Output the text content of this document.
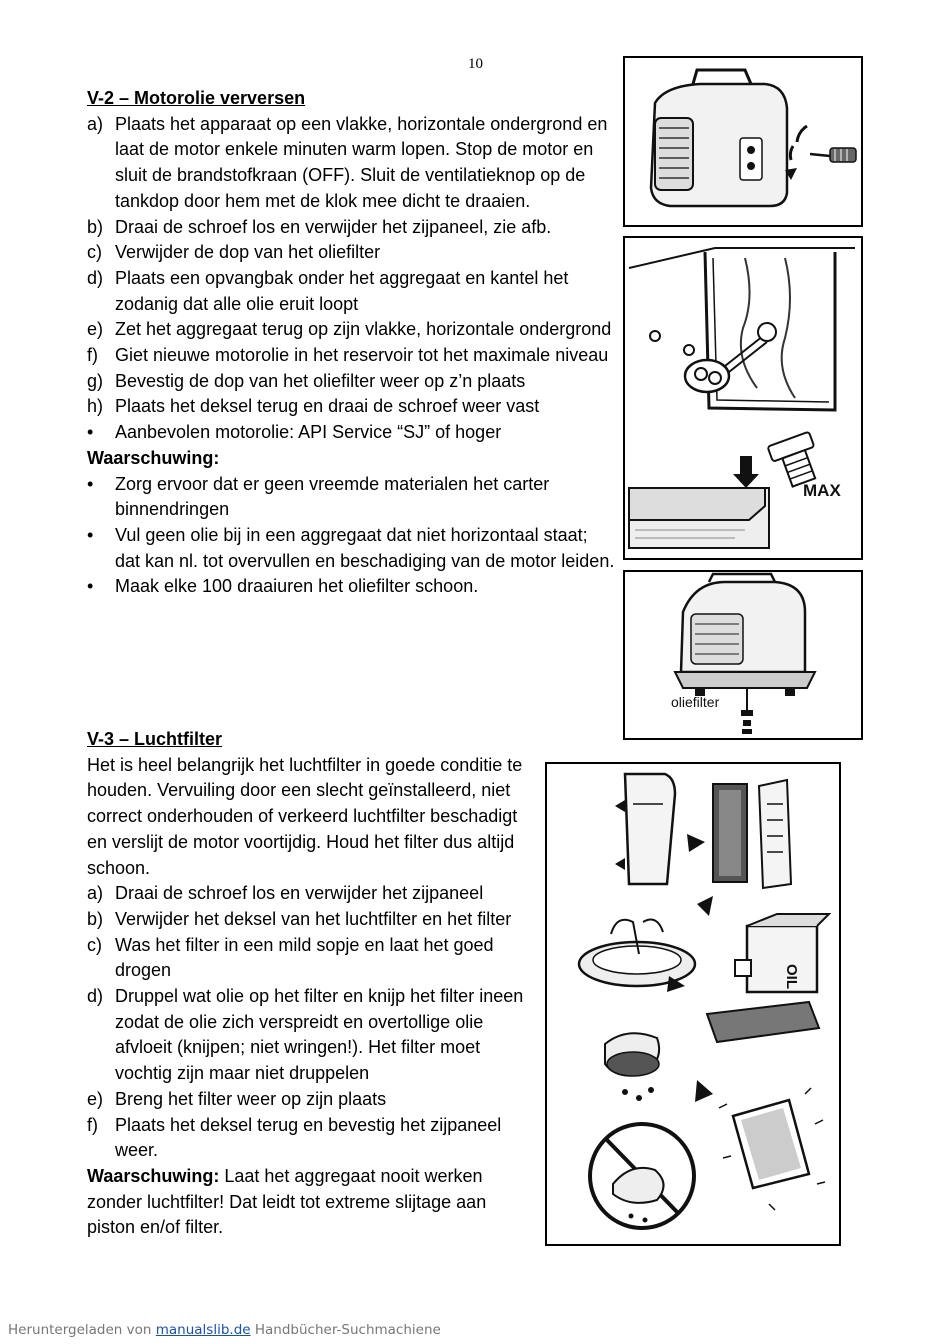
10
V-2 – Motorolie verversen
a) Plaats het apparaat op een vlakke, horizontale ondergrond en laat de motor enkele minuten warm lopen. Stop de motor en sluit de brandstofkraan (OFF). Sluit de ventilatieknop op de tankdop door hem met de klok mee dicht te draaien.
b) Draai de schroef los en verwijder het zijpaneel, zie afb.
c) Verwijder de dop van het oliefilter
d) Plaats een opvangbak onder het aggregaat en kantel het zodanig dat alle olie eruit loopt
e) Zet het aggregaat terug op zijn vlakke, horizontale ondergrond
f) Giet nieuwe motorolie in het reservoir tot het maximale niveau
g) Bevestig de dop van het oliefilter weer op z’n plaats
h) Plaats het deksel terug en draai de schroef weer vast
• Aanbevolen motorolie: API Service “SJ” of hoger
Waarschuwing:
• Zorg ervoor dat er geen vreemde materialen het carter binnendringen
• Vul geen olie bij in een aggregaat dat niet horizontaal staat; dat kan nl. tot overvullen en beschadiging van de motor leiden.
• Maak elke 100 draaiuren het oliefilter schoon.
V-3 – Luchtfilter
Het is heel belangrijk het luchtfilter in goede conditie te houden. Vervuiling door een slecht geïnstalleerd, niet correct onderhouden of verkeerd luchtfilter beschadigt en verslijt de motor voortijdig. Houd het filter dus altijd schoon.
a) Draai de schroef los en verwijder het zijpaneel
b) Verwijder het deksel van het luchtfilter en het filter
c) Was het filter in een mild sopje en laat het goed drogen
d) Druppel wat olie op het filter en knijp het filter ineen zodat de olie zich verspreidt en overtollige olie afvloeit (knijpen; niet wringen!). Het filter moet vochtig zijn maar niet druppelen
e) Breng het filter weer op zijn plaats
f) Plaats het deksel terug en bevestig het zijpaneel weer.
Waarschuwing: Laat het aggregaat nooit werken zonder luchtfilter! Dat leidt tot extreme slijtage aan piston en/of filter.
MAX
oliefilter
OIL
Heruntergeladen von manualslib.de Handbücher-Suchmachiene
